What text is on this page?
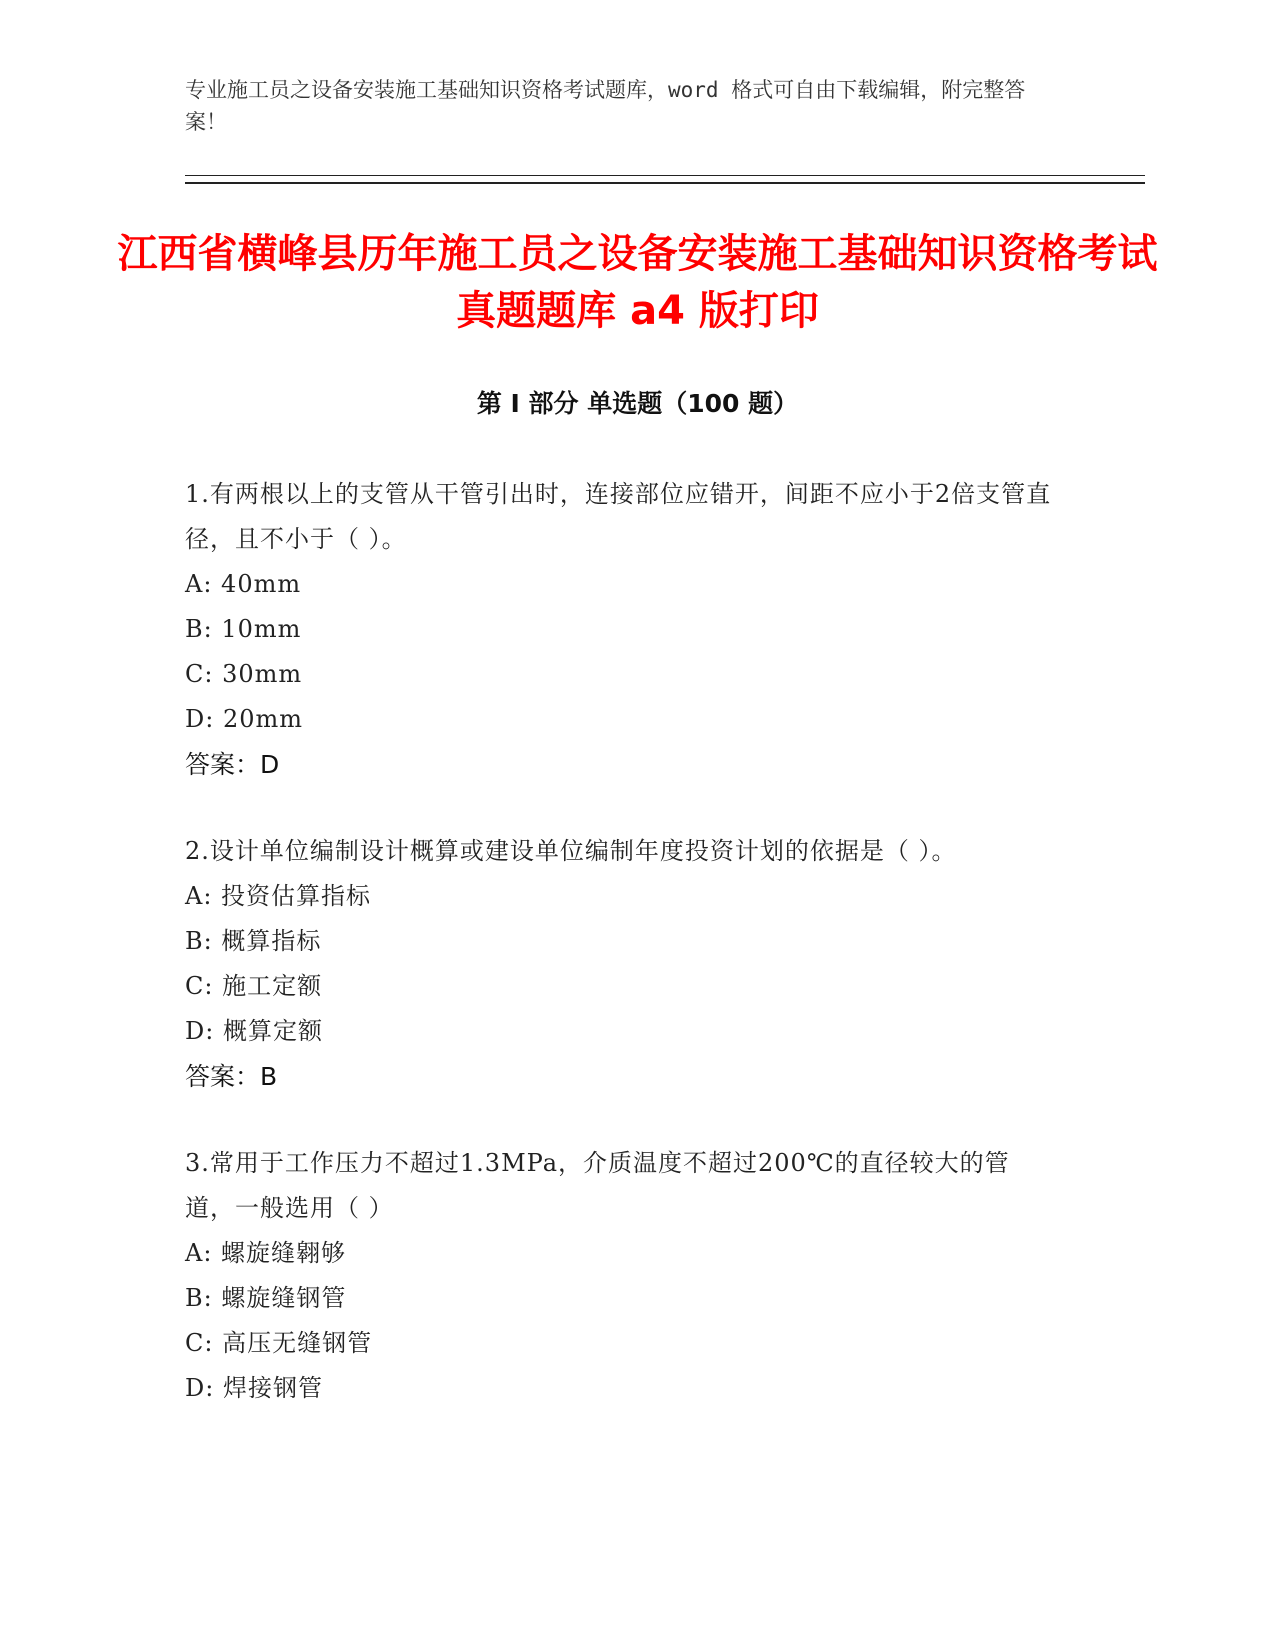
专业施工员之设备安装施工基础知识资格考试题库，word 格式可自由下载编辑，附完整答案！
江西省横峰县历年施工员之设备安装施工基础知识资格考试真题题库 a4 版打印
第 I 部分 单选题（100 题）
1.有两根以上的支管从干管引出时，连接部位应错开，间距不应小于2倍支管直径，且不小于（ ）。
A: 40mm
B: 10mm
C: 30mm
D: 20mm
答案：D
2.设计单位编制设计概算或建设单位编制年度投资计划的依据是（ ）。
A: 投资估算指标
B: 概算指标
C: 施工定额
D: 概算定额
答案：B
3.常用于工作压力不超过1.3MPa，介质温度不超过200℃的直径较大的管道，一般选用（ ）
A: 螺旋缝翱够
B: 螺旋缝钢管
C: 高压无缝钢管
D: 焊接钢管
